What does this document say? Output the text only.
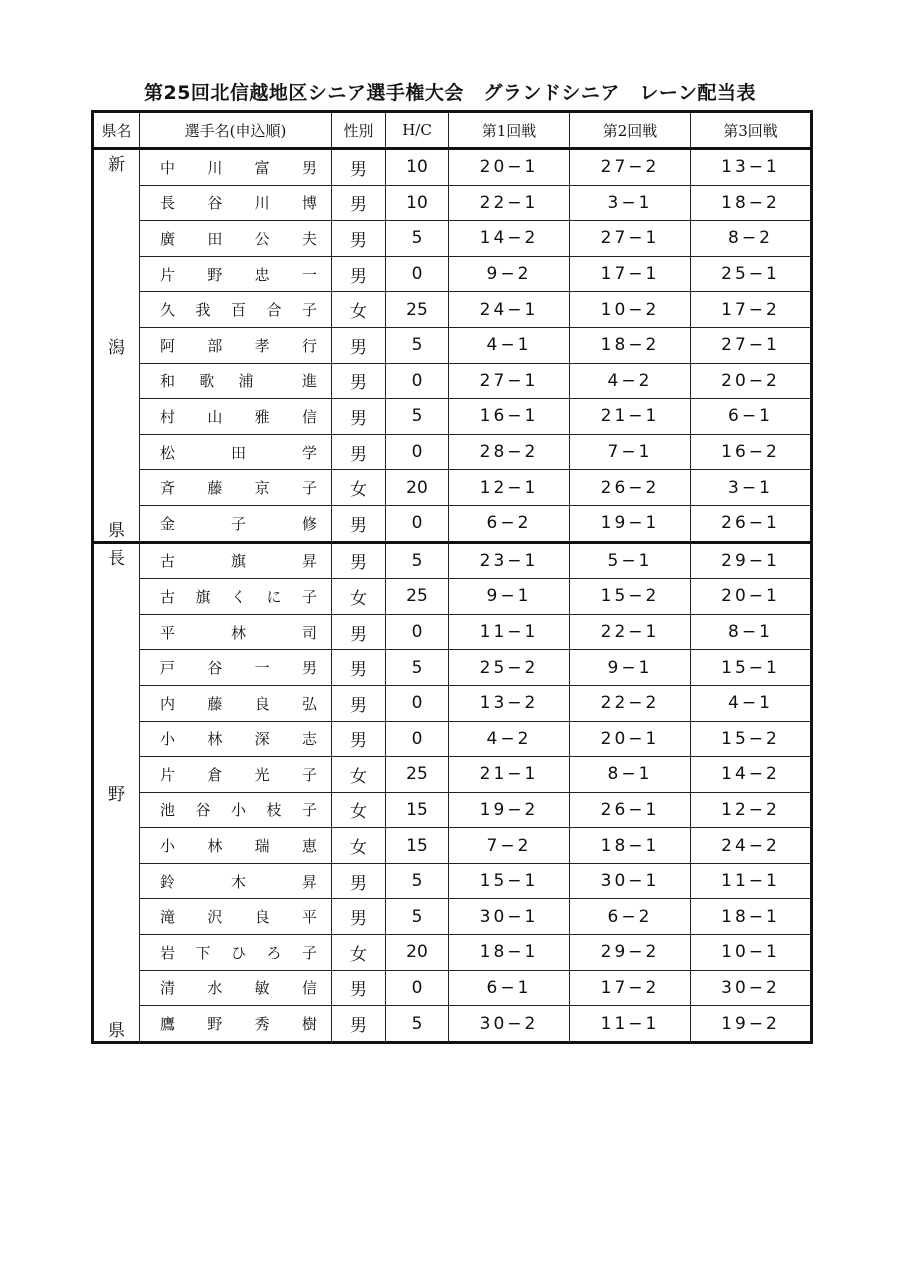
第25回北信越地区シニア選手権大会　グランドシニア　レーン配当表
県名	選手名(申込順)	性別	H/C	第1回戦	第2回戦	第3回戦

新
潟
県	中 川 富 男	男	10	20−1	27−2	13−1

	長 谷 川 博	男	10	22−1	3−1	18−2

	廣 田 公 夫	男	5	14−2	27−1	8−2

	片 野 忠 一	男	0	9−2	17−1	25−1

	久 我 百 合 子	女	25	24−1	10−2	17−2

	阿 部 孝 行	男	5	4−1	18−2	27−1

	和 歌 浦 進	男	0	27−1	4−2	20−2

	村 山 雅 信	男	5	16−1	21−1	6−1

	松 田 学	男	0	28−2	7−1	16−2

	斉 藤 京 子	女	20	12−1	26−2	3−1

	金 子 修	男	0	6−2	19−1	26−1

長
野
県	古 旗 昇	男	5	23−1	5−1	29−1

	古 旗 く に 子	女	25	9−1	15−2	20−1

	平 林 司	男	0	11−1	22−1	8−1

	戸 谷 一 男	男	5	25−2	9−1	15−1

	内 藤 良 弘	男	0	13−2	22−2	4−1

	小 林 深 志	男	0	4−2	20−1	15−2

	片 倉 光 子	女	25	21−1	8−1	14−2

	池 谷 小 枝 子	女	15	19−2	26−1	12−2

	小 林 瑞 恵	女	15	7−2	18−1	24−2

	鈴 木 昇	男	5	15−1	30−1	11−1

	滝 沢 良 平	男	5	30−1	6−2	18−1

	岩 下 ひ ろ 子	女	20	18−1	29−2	10−1

	清 水 敏 信	男	0	6−1	17−2	30−2

	鷹 野 秀 樹	男	5	30−2	11−1	19−2
